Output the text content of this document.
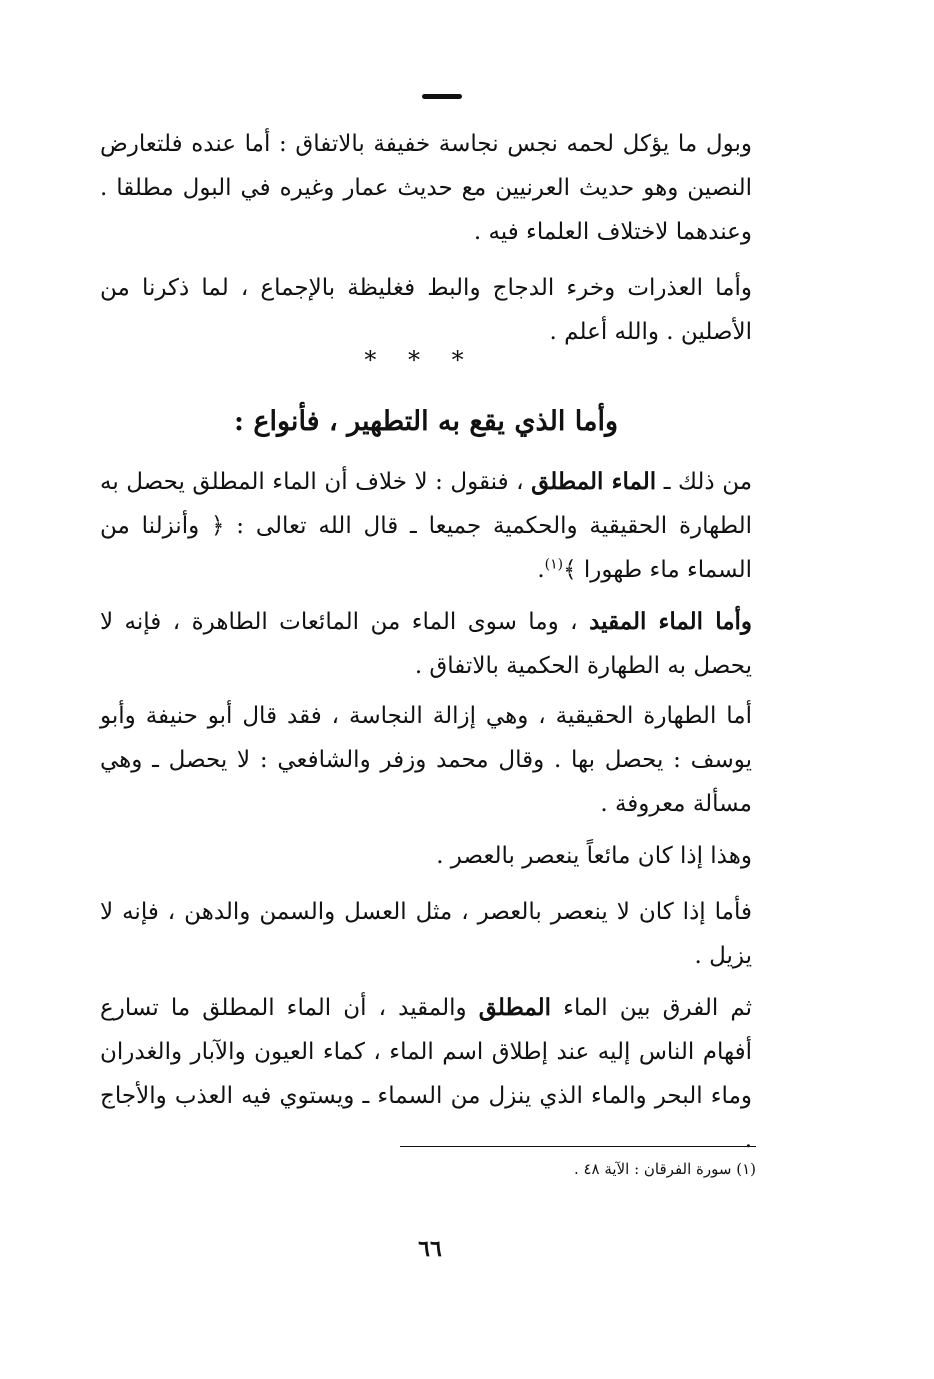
وبول ما يؤكل لحمه نجس نجاسة خفيفة بالاتفاق : أما عنده فلتعارض النصين وهو حديث العرنيين مع حديث عمار وغيره في البول مطلقا . وعندهما لاختلاف العلماء فيه .
وأما العذرات وخرء الدجاج والبط فغليظة بالإجماع ، لما ذكرنا من الأصلين . والله أعلم .
* * *
وأما الذي يقع به التطهير ، فأنواع :
من ذلك ـ الماء المطلق ، فنقول : لا خلاف أن الماء المطلق يحصل به الطهارة الحقيقية والحكمية جميعا ـ قال الله تعالى : ﴿ وأنزلنا من السماء ماء طهورا ﴾$^{(١)}$.
وأما الماء المقيد ، وما سوى الماء من المائعات الطاهرة ، فإنه لا يحصل به الطهارة الحكمية بالاتفاق .
أما الطهارة الحقيقية ، وهي إزالة النجاسة ، فقد قال أبو حنيفة وأبو يوسف : يحصل بها . وقال محمد وزفر والشافعي : لا يحصل ـ وهي مسألة معروفة .
وهذا إذا كان مائعاً ينعصر بالعصر .
فأما إذا كان لا ينعصر بالعصر ، مثل العسل والسمن والدهن ، فإنه لا يزيل .
ثم الفرق بين الماء المطلق والمقيد ، أن الماء المطلق ما تسارع أفهام الناس إليه عند إطلاق اسم الماء ، كماء العيون والآبار والغدران وماء البحر والماء الذي ينزل من السماء ـ ويستوي فيه العذب والأجاج .
(١) سورة الفرقان : الآية ٤٨ .
٦٦
